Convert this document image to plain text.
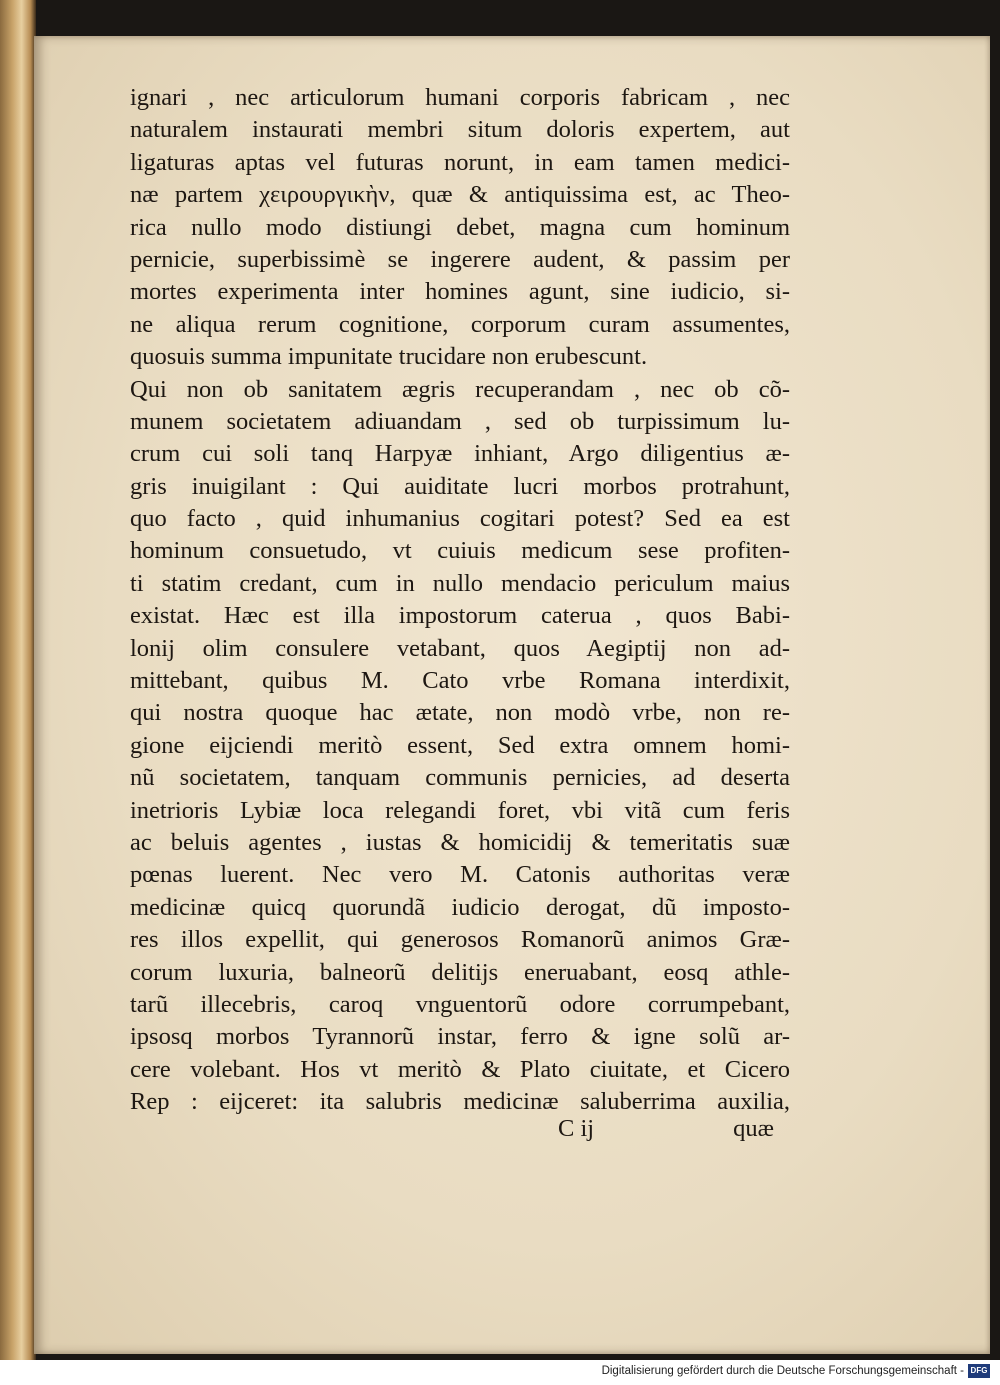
ignari , nec articulorum humani corporis fabricam , nec
naturalem instaurati membri situm doloris expertem, aut
ligaturas aptas vel futuras norunt, in eam tamen medici-
næ partem χειρουργικὴν, quæ & antiquissima est, ac Theo-
rica nullo modo distiungi debet, magna cum hominum
pernicie, superbissimè se ingerere audent, & passim per
mortes experimenta inter homines agunt, sine iudicio, si-
ne aliqua rerum cognitione, corporum curam assumentes,
quosuis summa impunitate trucidare non erubescunt.
Qui non ob sanitatem ægris recuperandam , nec ob cõ-
munem societatem adiuandam , sed ob turpissimum lu-
crum cui soli tanq Harpyæ inhiant, Argo diligentius æ-
gris inuigilant : Qui auiditate lucri morbos protrahunt,
quo facto , quid inhumanius cogitari potest? Sed ea est
hominum consuetudo, vt cuiuis medicum sese profiten-
ti statim credant, cum in nullo mendacio periculum maius
existat. Hæc est illa impostorum caterua , quos Babi-
lonij olim consulere vetabant, quos Aegiptij non ad-
mittebant, quibus M. Cato vrbe Romana interdixit,
qui nostra quoque hac ætate, non modò vrbe, non re-
gione eijciendi meritò essent, Sed extra omnem homi-
nũ societatem, tanquam communis pernicies, ad deserta
inetrioris Lybiæ loca relegandi foret, vbi vitã cum feris
ac beluis agentes , iustas & homicidij & temeritatis suæ
pœnas luerent. Nec vero M. Catonis authoritas veræ
medicinæ quicq quorundã iudicio derogat, dũ imposto-
res illos expellit, qui generosos Romanorũ animos Græ-
corum luxuria, balneorũ delitijs eneruabant, eosq athle-
tarũ illecebris, caroq vnguentorũ odore corrumpebant,
ipsosq morbos Tyrannorũ instar, ferro & igne solũ ar-
cere volebant. Hos vt meritò & Plato ciuitate, et Cicero
Rep : eijceret: ita salubris medicinæ saluberrima auxilia,
C ij	quæ
Digitalisierung gefördert durch die Deutsche Forschungsgemeinschaft - DFG
